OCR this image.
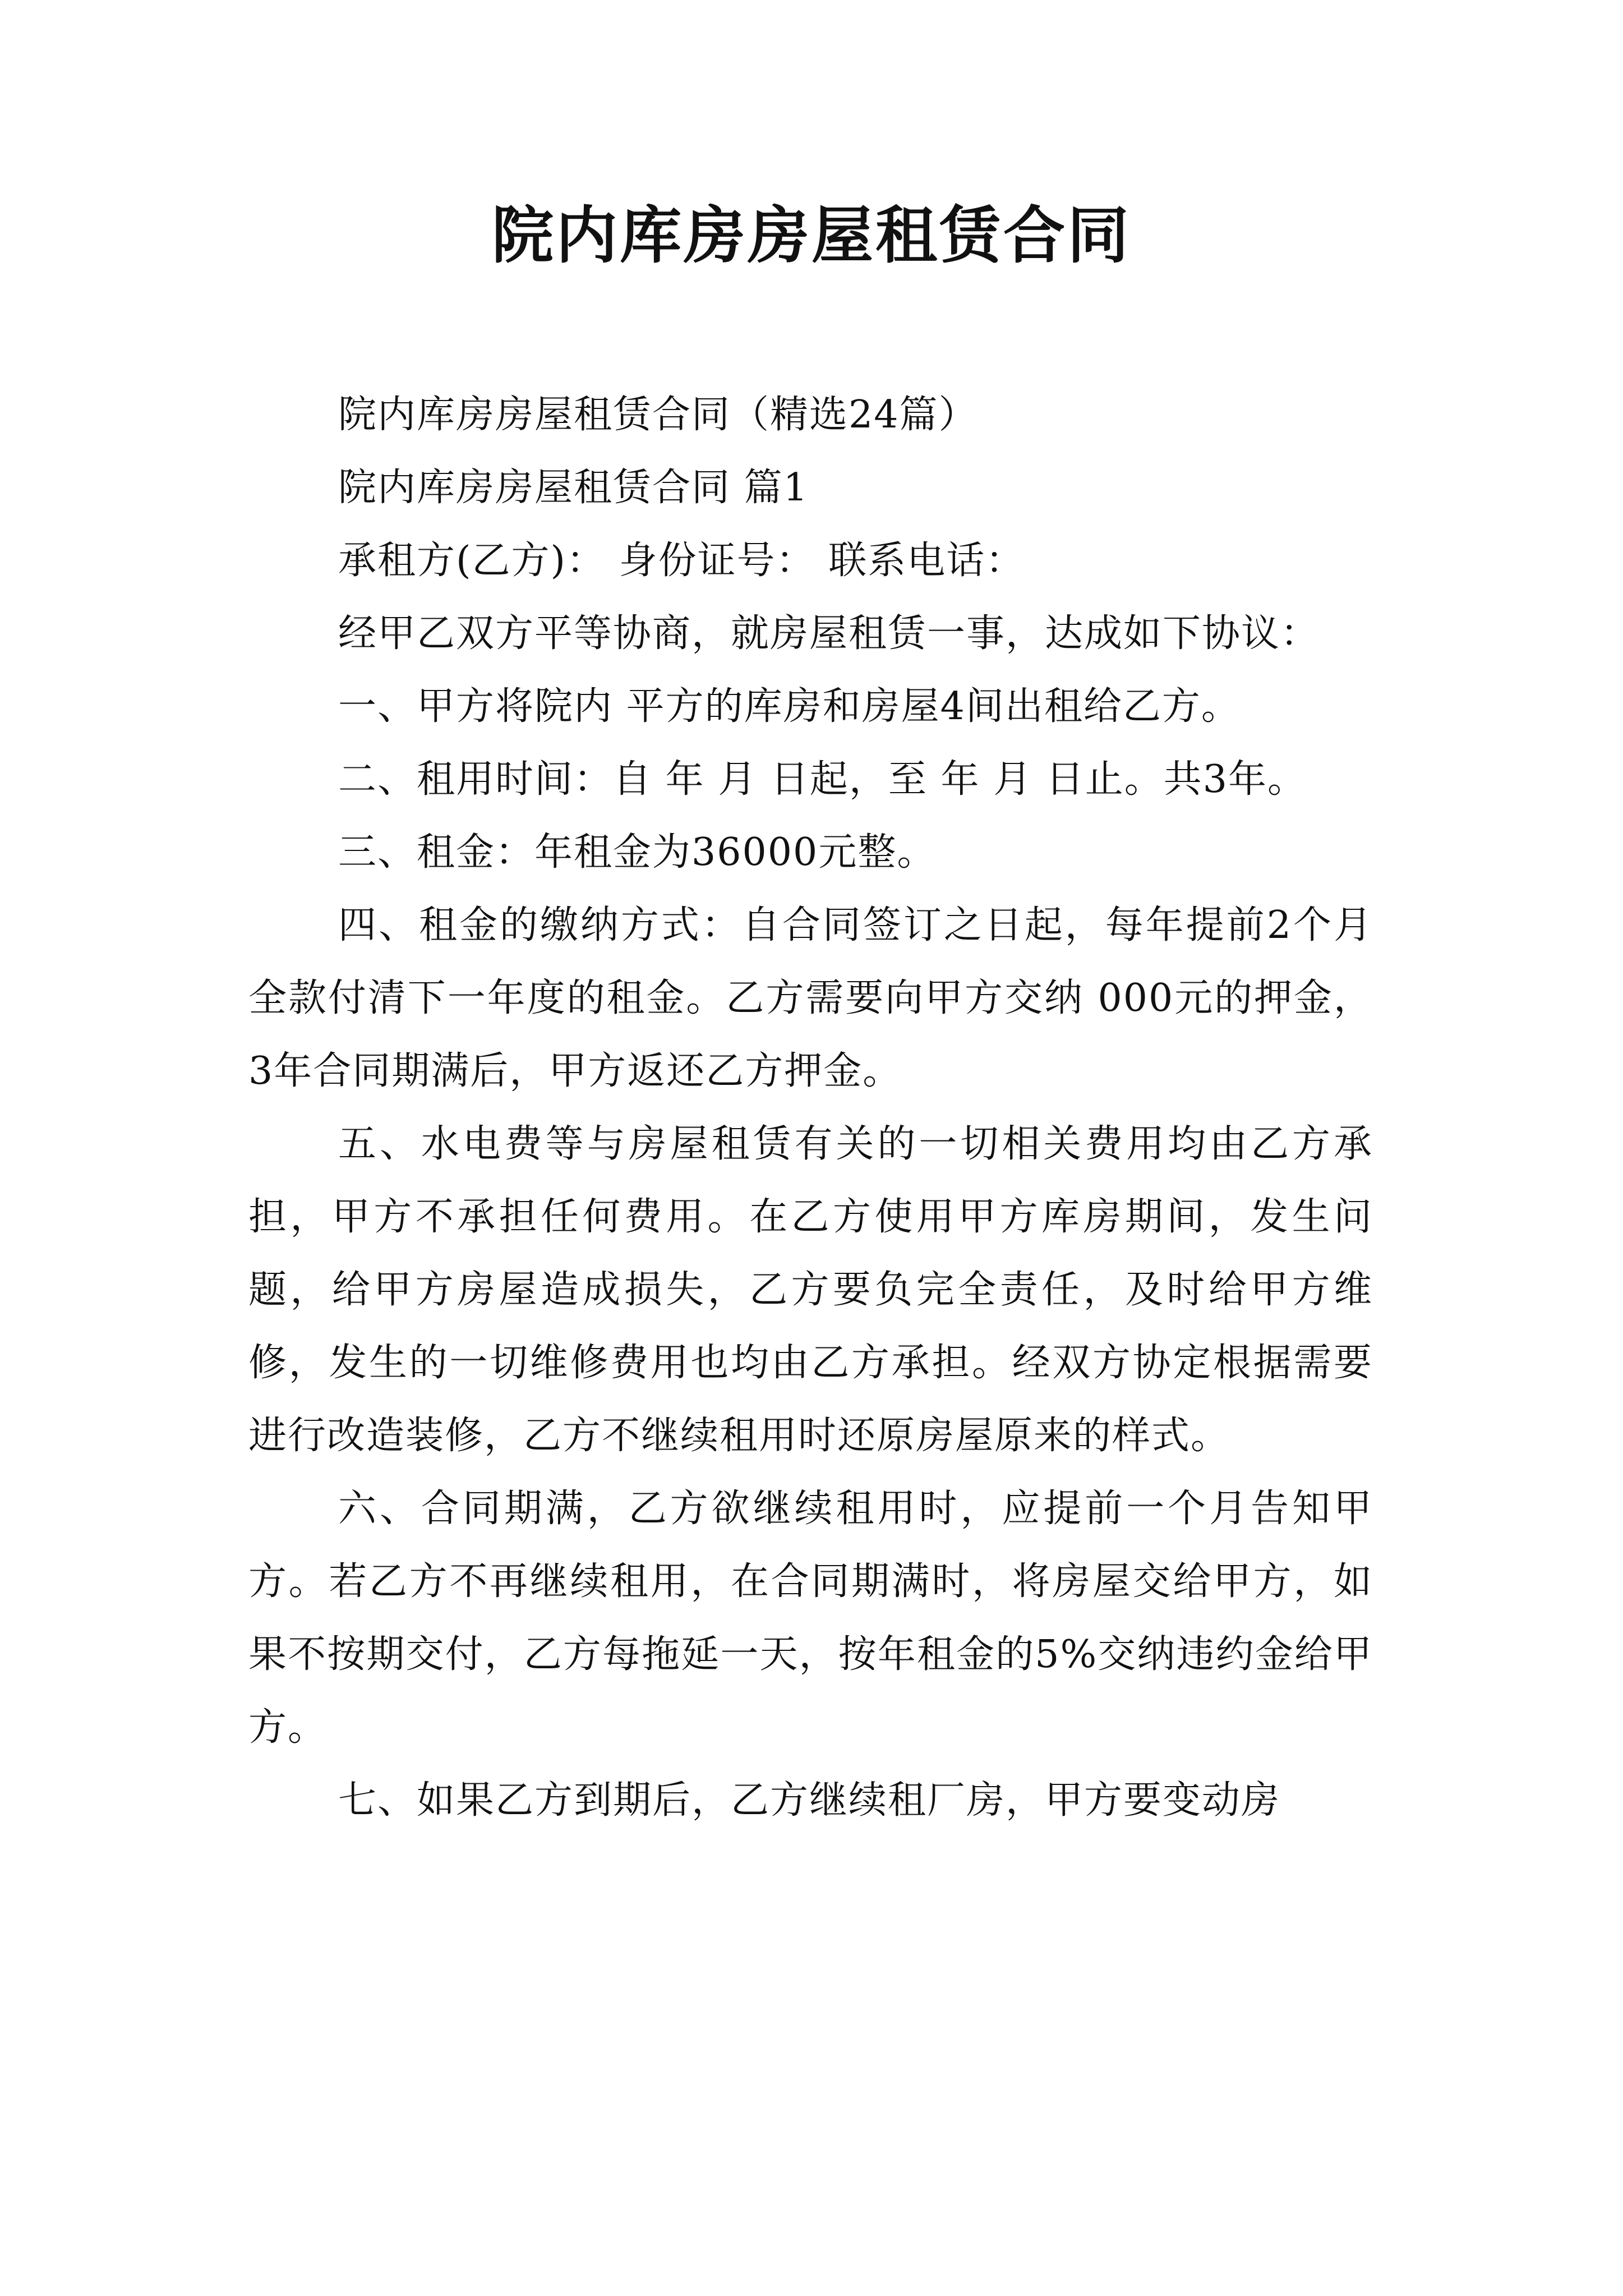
院内库房房屋租赁合同

院内库房房屋租赁合同（精选24篇）

院内库房房屋租赁合同 篇1

承租方(乙方)： 身份证号： 联系电话：

经甲乙双方平等协商，就房屋租赁一事，达成如下协议：

一、甲方将院内 平方的库房和房屋4间出租给乙方。

二、租用时间：自 年 月 日起，至 年 月 日止。共3年。

三、租金：年租金为36000元整。

四、租金的缴纳方式：自合同签订之日起，每年提前2个月全款付清下一年度的租金。乙方需要向甲方交纳 000元的押金，3年合同期满后，甲方返还乙方押金。

五、水电费等与房屋租赁有关的一切相关费用均由乙方承担，甲方不承担任何费用。在乙方使用甲方库房期间，发生问题，给甲方房屋造成损失，乙方要负完全责任，及时给甲方维修，发生的一切维修费用也均由乙方承担。经双方协定根据需要进行改造装修，乙方不继续租用时还原房屋原来的样式。

六、合同期满，乙方欲继续租用时，应提前一个月告知甲方。若乙方不再继续租用，在合同期满时，将房屋交给甲方，如果不按期交付，乙方每拖延一天，按年租金的5%交纳违约金给甲方。

七、如果乙方到期后，乙方继续租厂房，甲方要变动房
